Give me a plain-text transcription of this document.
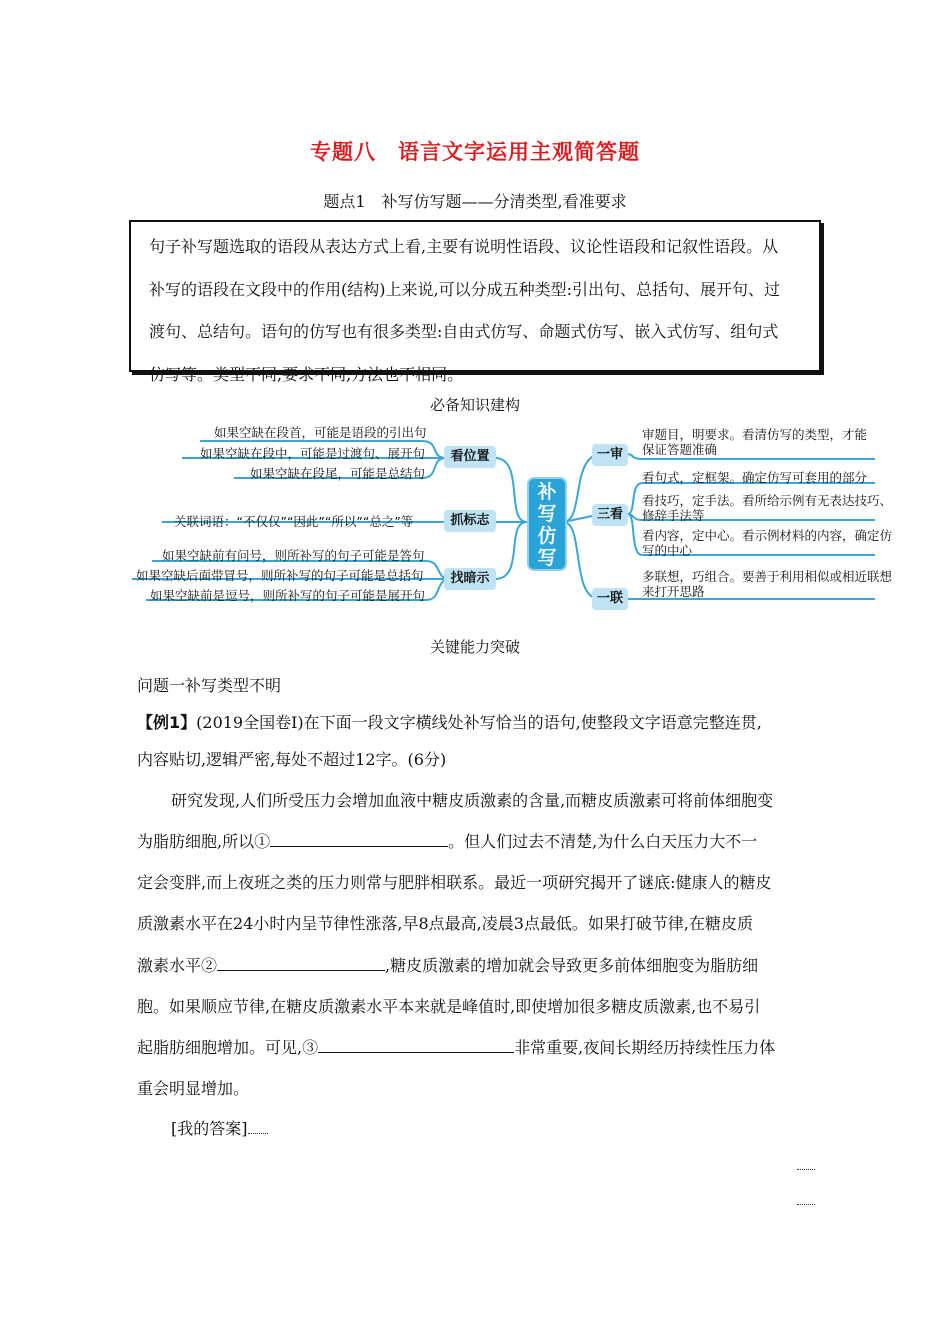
专题八　语言文字运用主观简答题
题点1　补写仿写题——分清类型,看准要求

句子补写题选取的语段从表达方式上看,主要有说明性语段、议论性语段和记叙性语段。从

补写的语段在文段中的作用(结构)上来说,可以分成五种类型:引出句、总括句、展开句、过

渡句、总结句。语句的仿写也有很多类型:自由式仿写、命题式仿写、嵌入式仿写、组句式

仿写等。类型不同,要求不同,方法也不相同。

必备知识建构
如果空缺在段首，可能是语段的引出句
如果空缺在段中，可能是过渡句、展开句
如果空缺在段尾，可能是总结句
关联词语：“不仅仅”“因此”“所以”“总之”等
如果空缺前有问号，则所补写的句子可能是答句
如果空缺后面带冒号，则所补写的句子可能是总括句
如果空缺前是逗号，则所补写的句子可能是展开句
看位置
抓标志
找暗示
补
写
仿
写
一审
三看
一联
审题目，明要求。看清仿写的类型，才能
保证答题准确
看句式，定框架。确定仿写可套用的部分
看技巧，定手法。看所给示例有无表达技巧、
修辞手法等
看内容，定中心。看示例材料的内容，确定仿
写的中心
多联想，巧组合。要善于利用相似或相近联想
来打开思路
关键能力突破
问题一补写类型不明
【例1】(2019全国卷Ⅰ)在下面一段文字横线处补写恰当的语句,使整段文字语意完整连贯,
内容贴切,逻辑严密,每处不超过12字。(6分)
研究发现,人们所受压力会增加血液中糖皮质激素的含量,而糖皮质激素可将前体细胞变
为脂肪细胞,所以①	。但人们过去不清楚,为什么白天压力大不一
定会变胖,而上夜班之类的压力则常与肥胖相联系。最近一项研究揭开了谜底:健康人的糖皮
质激素水平在24小时内呈节律性涨落,早8点最高,凌晨3点最低。如果打破节律,在糖皮质
激素水平②	,糖皮质激素的增加就会导致更多前体细胞变为脂肪细
胞。如果顺应节律,在糖皮质激素水平本来就是峰值时,即使增加很多糖皮质激素,也不易引
起脂肪细胞增加。可见,③	非常重要,夜间长期经历持续性压力体
重会明显增加。
[我的答案]
